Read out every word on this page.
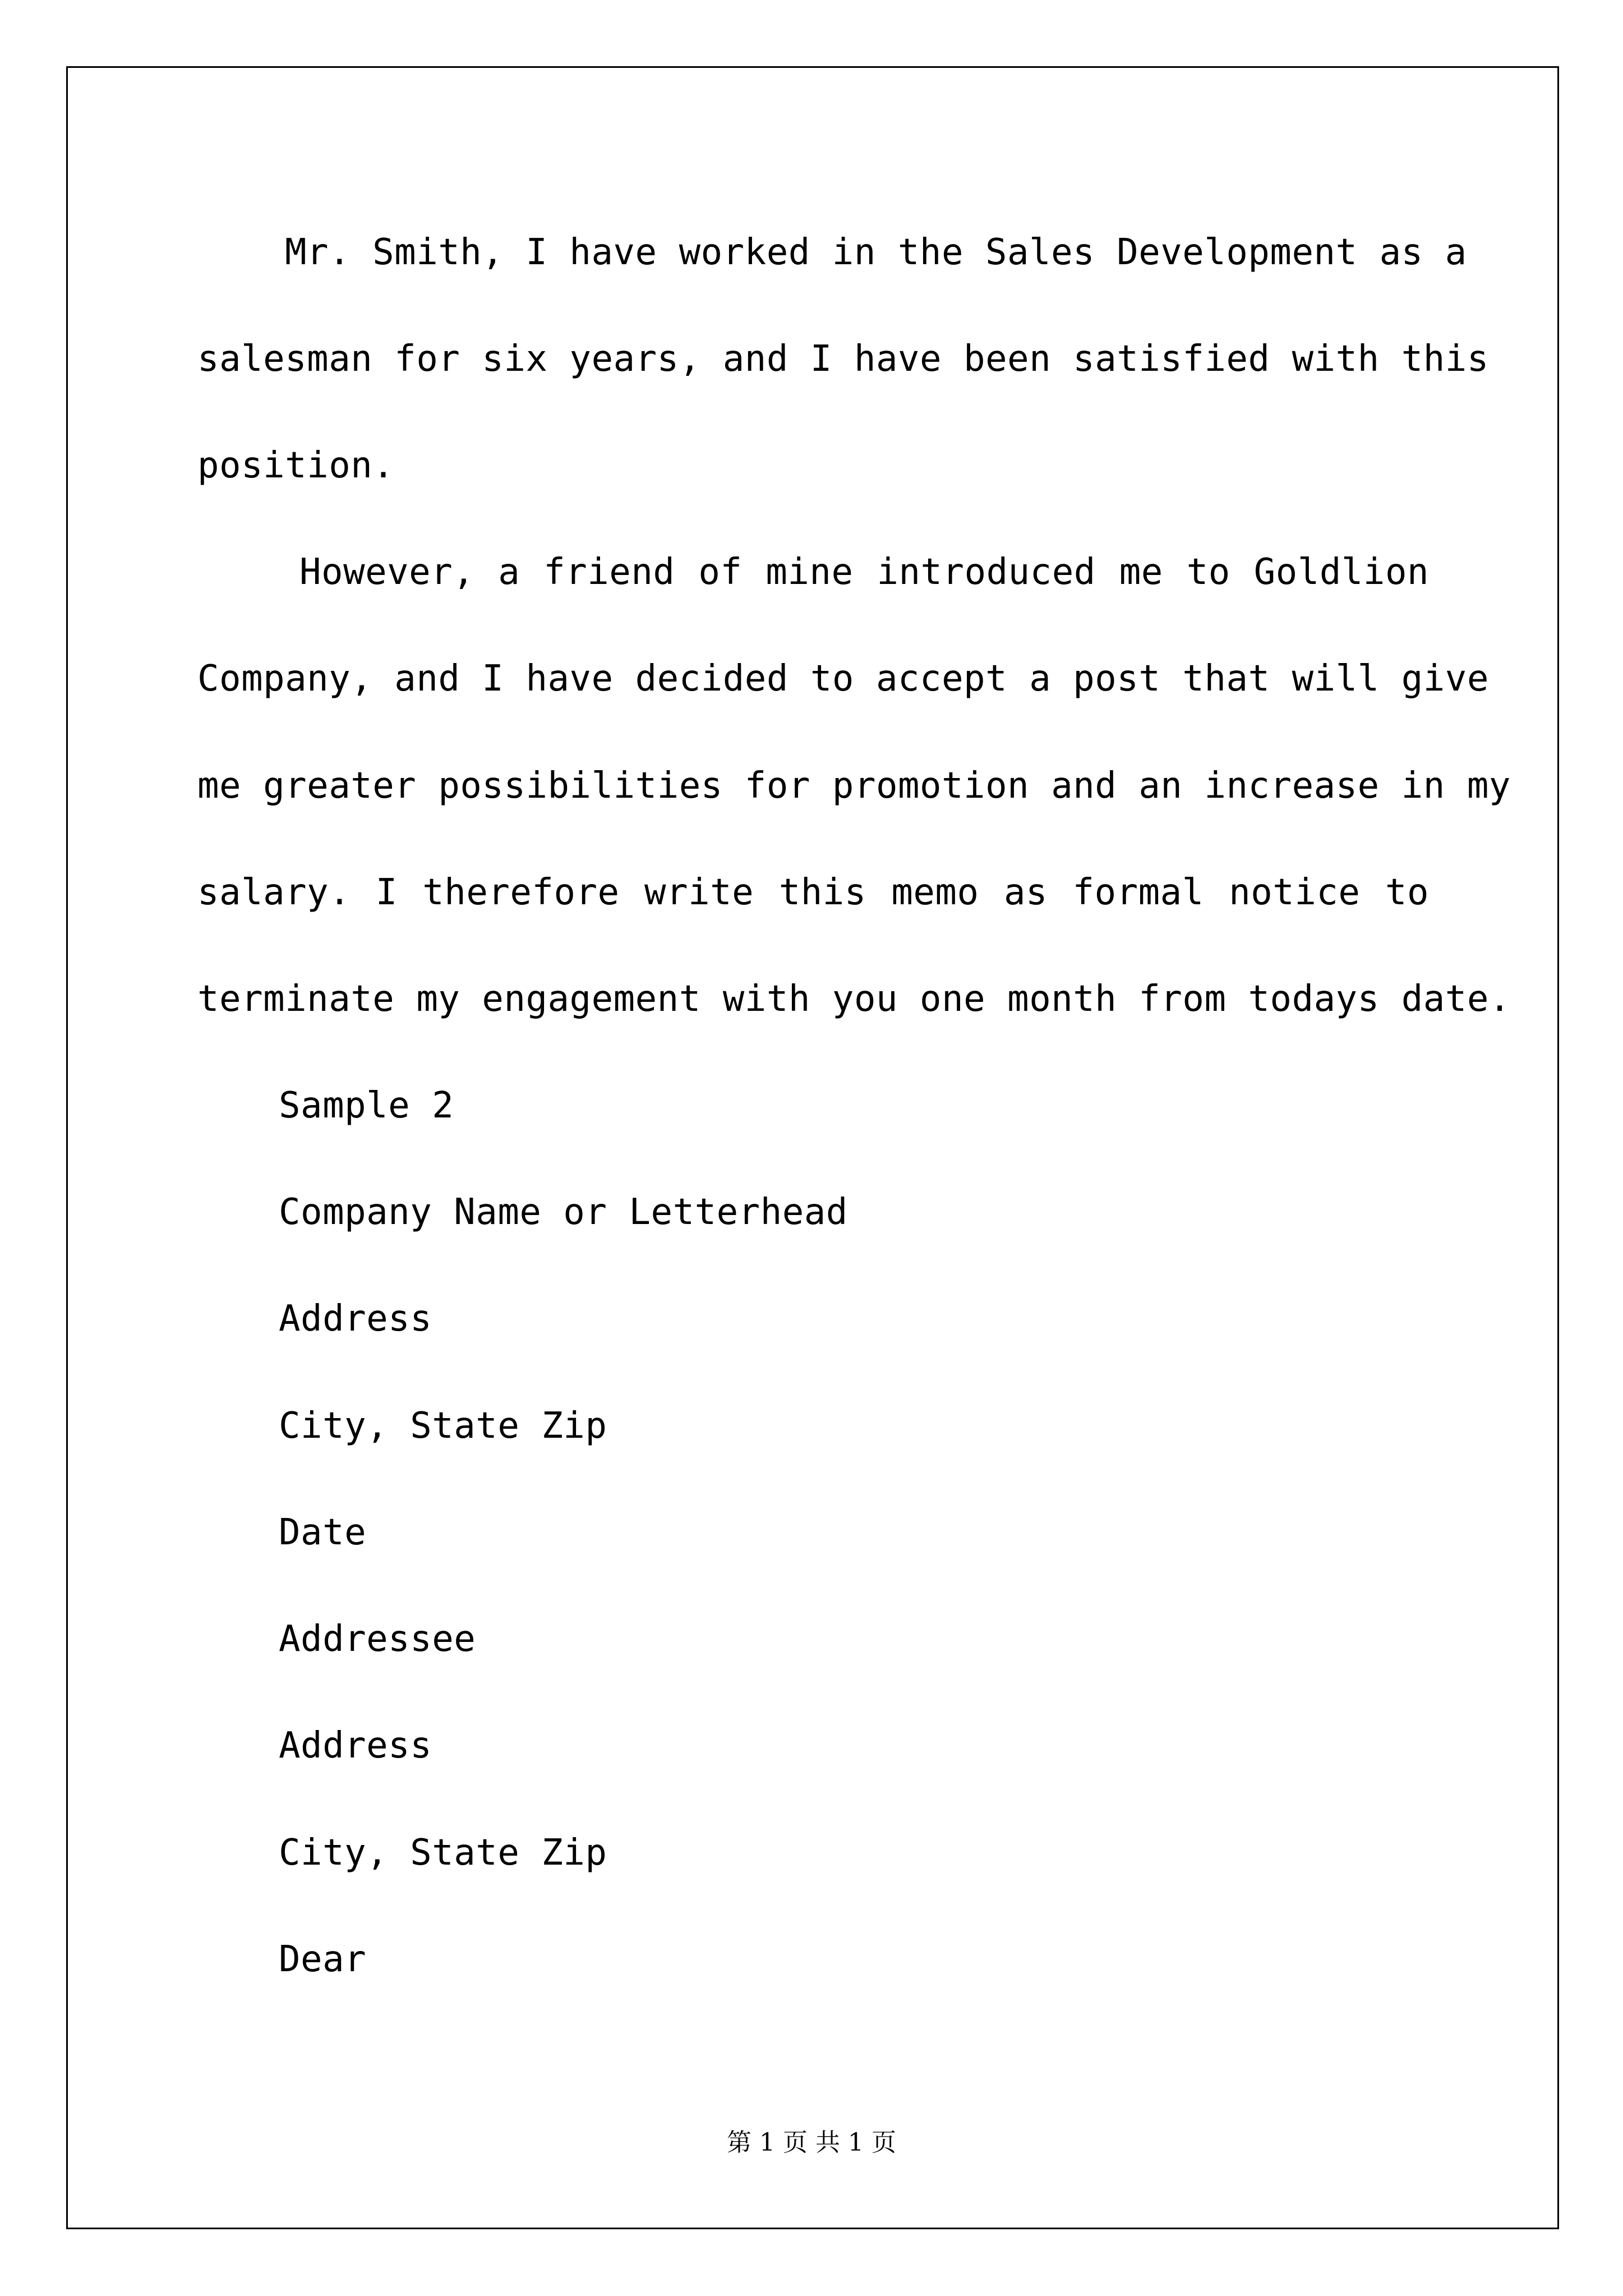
Mr. Smith, I have worked in the Sales Development as a
salesman for six years, and I have been satisfied with this
position.
However, a friend of mine introduced me to Goldlion
Company, and I have decided to accept a post that will give
me greater possibilities for promotion and an increase in my
salary. I therefore write this memo as formal notice to
terminate my engagement with you one month from todays date.
Sample 2
Company Name or Letterhead
Address
City, State Zip
Date
Addressee
Address
City, State Zip
Dear
第 1 页 共 1 页
